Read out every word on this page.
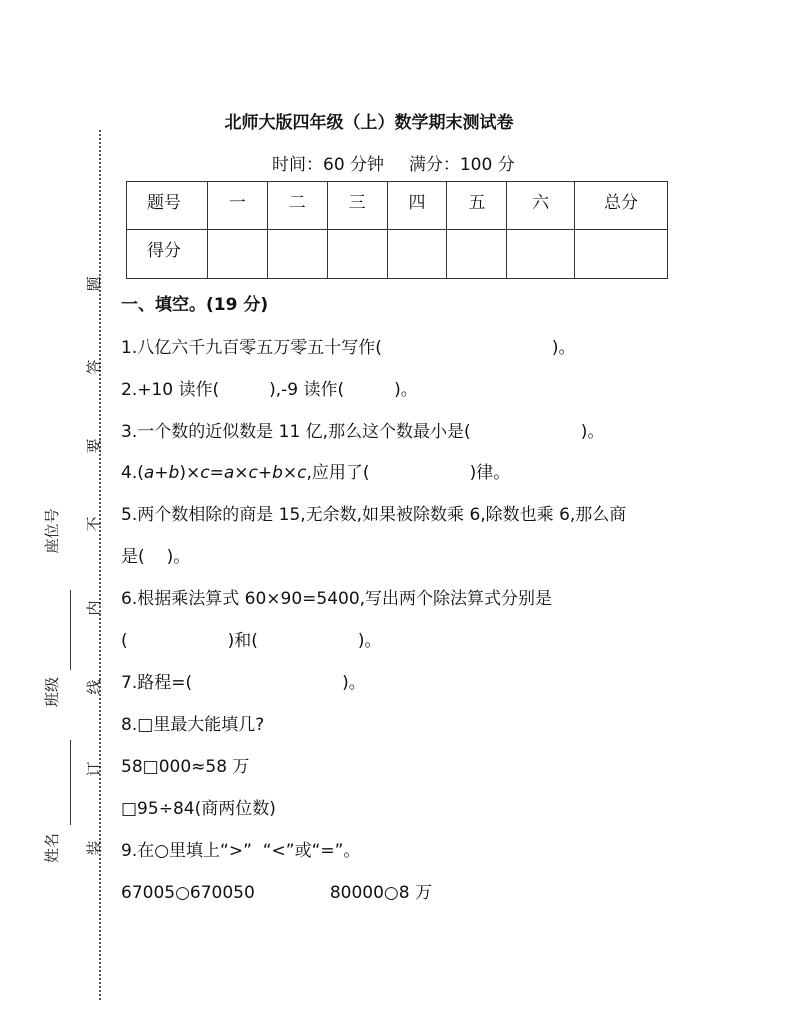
题
答
要
不
内
线
订
装
座位号
班级
姓名
北师大版四年级（上）数学期末测试卷
时间：60 分钟 满分：100 分
题号	一	二	三	四	五	六	总分
得分							
一、填空。(19 分)
1.八亿六千九百零五万零五十写作(	)。
2.+10 读作(	),-9 读作(	)。
3.一个数的近似数是 11 亿,那么这个数最小是(	)。
4.(a+b)×c=a×c+b×c,应用了(	)律。
5.两个数相除的商是 15,无余数,如果被除数乘 6,除数也乘 6,那么商
是( )。
6.根据乘法算式 60×90=5400,写出两个除法算式分别是
(	)和(	)。
7.路程=(	)。
8.□里最大能填几?
58□000≈58 万
□95÷84(商两位数)
9.在○里填上“>”  “<”或“=”。
67005○670050	80000○8 万
